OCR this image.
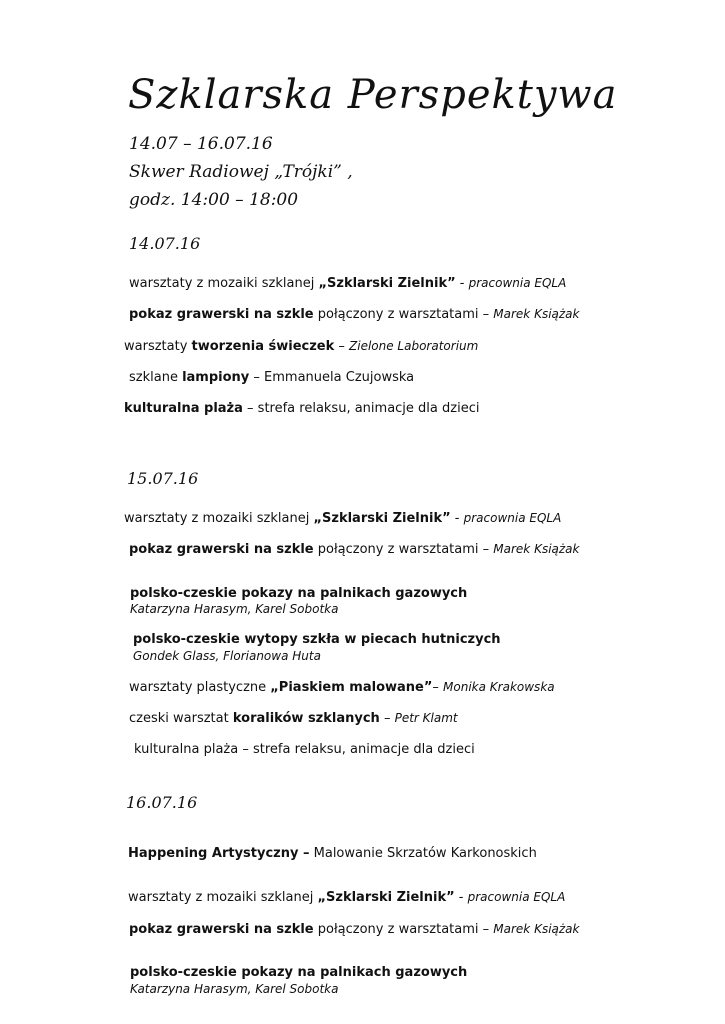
Szklarska Perspektywa
14.07 – 16.07.16
Skwer Radiowej „Trójki” ,
godz. 14:00 – 18:00
14.07.16
warsztaty z mozaiki szklanej „Szklarski Zielnik” - pracownia EQLA
pokaz grawerski na szkle połączony z warsztatami – Marek Książak
warsztaty tworzenia świeczek – Zielone Laboratorium
szklane lampiony – Emmanuela Czujowska
kulturalna plaża – strefa relaksu, animacje dla dzieci
15.07.16
warsztaty z mozaiki szklanej „Szklarski Zielnik” - pracownia EQLA
pokaz grawerski na szkle połączony z warsztatami – Marek Książak
polsko-czeskie pokazy na palnikach gazowych
Katarzyna Harasym, Karel Sobotka
polsko-czeskie wytopy szkła w piecach hutniczych
Gondek Glass, Florianowa Huta
warsztaty plastyczne „Piaskiem malowane”– Monika Krakowska
czeski warsztat koralików szklanych – Petr Klamt
kulturalna plaża – strefa relaksu, animacje dla dzieci
16.07.16
Happening Artystyczny – Malowanie Skrzatów Karkonoskich
warsztaty z mozaiki szklanej „Szklarski Zielnik” - pracownia EQLA
pokaz grawerski na szkle połączony z warsztatami – Marek Książak
polsko-czeskie pokazy na palnikach gazowych
Katarzyna Harasym, Karel Sobotka
